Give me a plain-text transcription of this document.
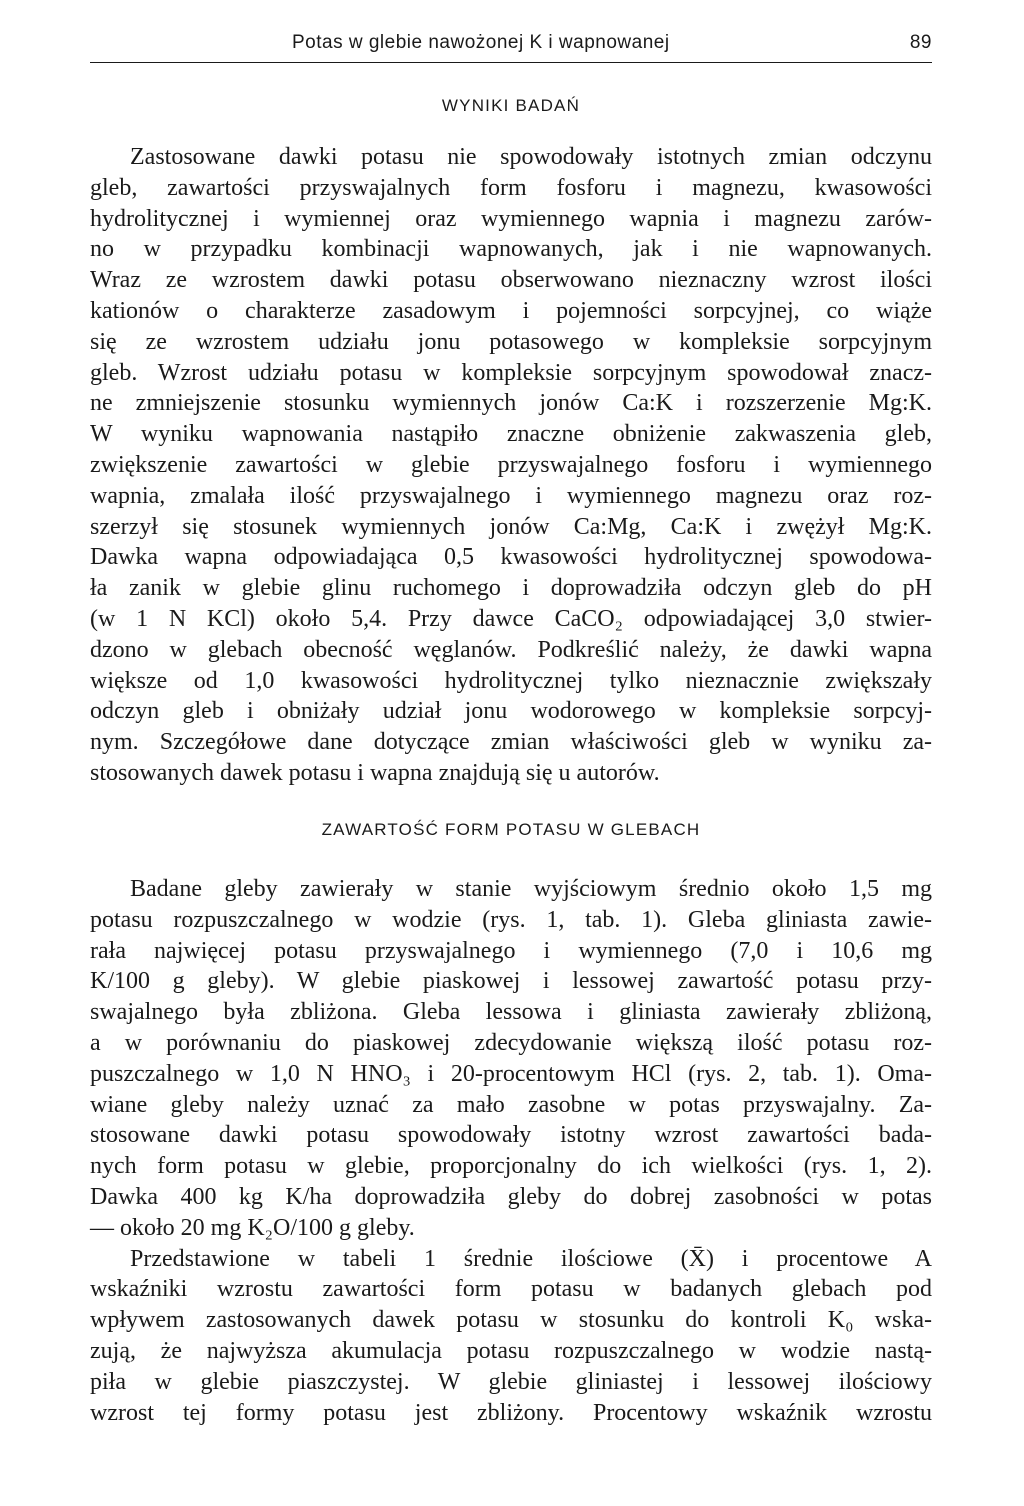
Potas w glebie nawożonej K i wapnowanej	89
WYNIKI BADAŃ
Zastosowane dawki potasu nie spowodowały istotnych zmian odczynu
gleb, zawartości przyswajalnych form fosforu i magnezu, kwasowości
hydrolitycznej i wymiennej oraz wymiennego wapnia i magnezu zarów-
no w przypadku kombinacji wapnowanych, jak i nie wapnowanych.
Wraz ze wzrostem dawki potasu obserwowano nieznaczny wzrost ilości
kationów o charakterze zasadowym i pojemności sorpcyjnej, co wiąże
się ze wzrostem udziału jonu potasowego w kompleksie sorpcyjnym
gleb. Wzrost udziału potasu w kompleksie sorpcyjnym spowodował znacz-
ne zmniejszenie stosunku wymiennych jonów Ca:K i rozszerzenie Mg:K.
W wyniku wapnowania nastąpiło znaczne obniżenie zakwaszenia gleb,
zwiększenie zawartości w glebie przyswajalnego fosforu i wymiennego
wapnia, zmalała ilość przyswajalnego i wymiennego magnezu oraz roz-
szerzył się stosunek wymiennych jonów Ca:Mg, Ca:K i zwężył Mg:K.
Dawka wapna odpowiadająca 0,5 kwasowości hydrolitycznej spowodowa-
ła zanik w glebie glinu ruchomego i doprowadziła odczyn gleb do pH
(w 1 N KCl) około 5,4. Przy dawce CaCO₂ odpowiadającej 3,0 stwier-
dzono w glebach obecność węglanów. Podkreślić należy, że dawki wapna
większe od 1,0 kwasowości hydrolitycznej tylko nieznacznie zwiększały
odczyn gleb i obniżały udział jonu wodorowego w kompleksie sorpcyj-
nym. Szczegółowe dane dotyczące zmian właściwości gleb w wyniku za-
stosowanych dawek potasu i wapna znajdują się u autorów.
ZAWARTOŚĆ FORM POTASU W GLEBACH
Badane gleby zawierały w stanie wyjściowym średnio około 1,5 mg
potasu rozpuszczalnego w wodzie (rys. 1, tab. 1). Gleba gliniasta zawie-
rała najwięcej potasu przyswajalnego i wymiennego (7,0 i 10,6 mg
K/100 g gleby). W glebie piaskowej i lessowej zawartość potasu przy-
swajalnego była zbliżona. Gleba lessowa i gliniasta zawierały zbliżoną,
a w porównaniu do piaskowej zdecydowanie większą ilość potasu roz-
puszczalnego w 1,0 N HNO₃ i 20-procentowym HCl (rys. 2, tab. 1). Oma-
wiane gleby należy uznać za mało zasobne w potas przyswajalny. Za-
stosowane dawki potasu spowodowały istotny wzrost zawartości bada-
nych form potasu w glebie, proporcjonalny do ich wielkości (rys. 1, 2).
Dawka 400 kg K/ha doprowadziła gleby do dobrej zasobności w potas
— około 20 mg K₂O/100 g gleby.
Przedstawione w tabeli 1 średnie ilościowe (X̄) i procentowe A
wskaźniki wzrostu zawartości form potasu w badanych glebach pod
wpływem zastosowanych dawek potasu w stosunku do kontroli K₀ wska-
zują, że najwyższa akumulacja potasu rozpuszczalnego w wodzie nastą-
piła w glebie piaszczystej. W glebie gliniastej i lessowej ilościowy
wzrost tej formy potasu jest zbliżony. Procentowy wskaźnik wzrostu
